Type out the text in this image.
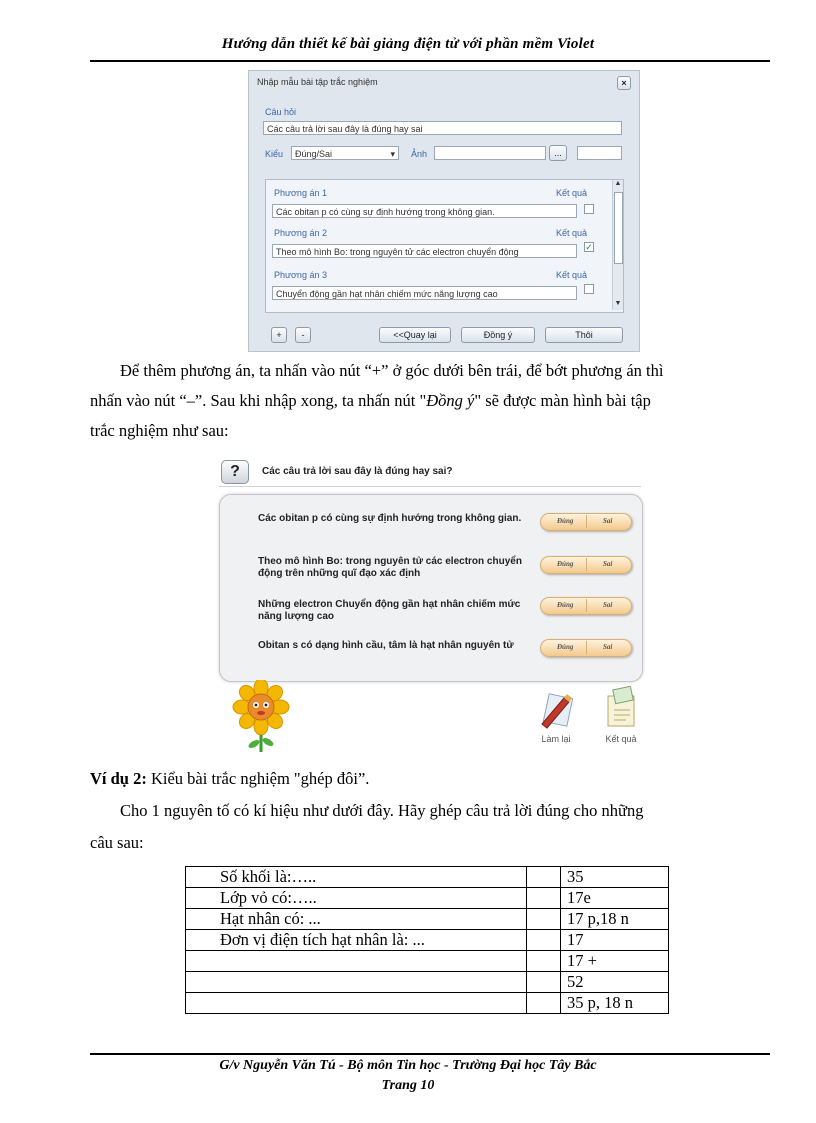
Hướng dẫn thiết kế bài giảng điện tử với phần mềm Violet
Nhập mẫu bài tập trắc nghiệm	×
Câu hỏi
Các câu trả lời sau đây là đúng hay sai
Kiểu	Đúng/Sai	▾ Ảnh	...
Phương án 1	Kết quả
Các obitan p có cùng sự định hướng trong không gian.
Phương án 2	Kết quả
Theo mô hình Bo: trong nguyên tử các electron chuyển động	✓
Phương án 3	Kết quả
Chuyển động gần hạt nhân chiếm mức năng lượng cao
▲
▼
+	-	<<Quay lại	Đồng ý	Thôi
Để thêm phương án, ta nhấn vào nút “+” ở góc dưới bên trái, để bớt phương án thì
nhấn vào nút “–”. Sau khi nhập xong, ta nhấn nút "Đồng ý" sẽ được màn hình bài tập
trắc nghiệm như sau:
?	Các câu trả lời sau đây là đúng hay sai?
Các obitan p có cùng sự định hướng trong không gian.	Đúng	Sai
Theo mô hình Bo: trong nguyên tử các electron chuyển động trên những quĩ đạo xác định
Đúng	Sai
Những electron Chuyển động gần hạt nhân chiếm mức năng lượng cao
Đúng	Sai
Obitan s có dạng hình cầu, tâm là hạt nhân nguyên tử	Đúng	Sai
Làm lại	Kết quả
Ví dụ 2: Kiểu bài trắc nghiệm "ghép đôi”.
Cho 1 nguyên tố có kí hiệu như dưới đây. Hãy ghép câu trả lời đúng cho những
câu sau:
Số khối là:…..		35
Lớp vỏ có:…..		17e
Hạt nhân có: ...		17 p,18 n
Đơn vị điện tích hạt nhân là: ...		17
		17 +
		52
		35 p, 18 n
G/v Nguyễn Văn Tú - Bộ môn Tin học - Trường Đại học Tây Bắc
Trang 10
